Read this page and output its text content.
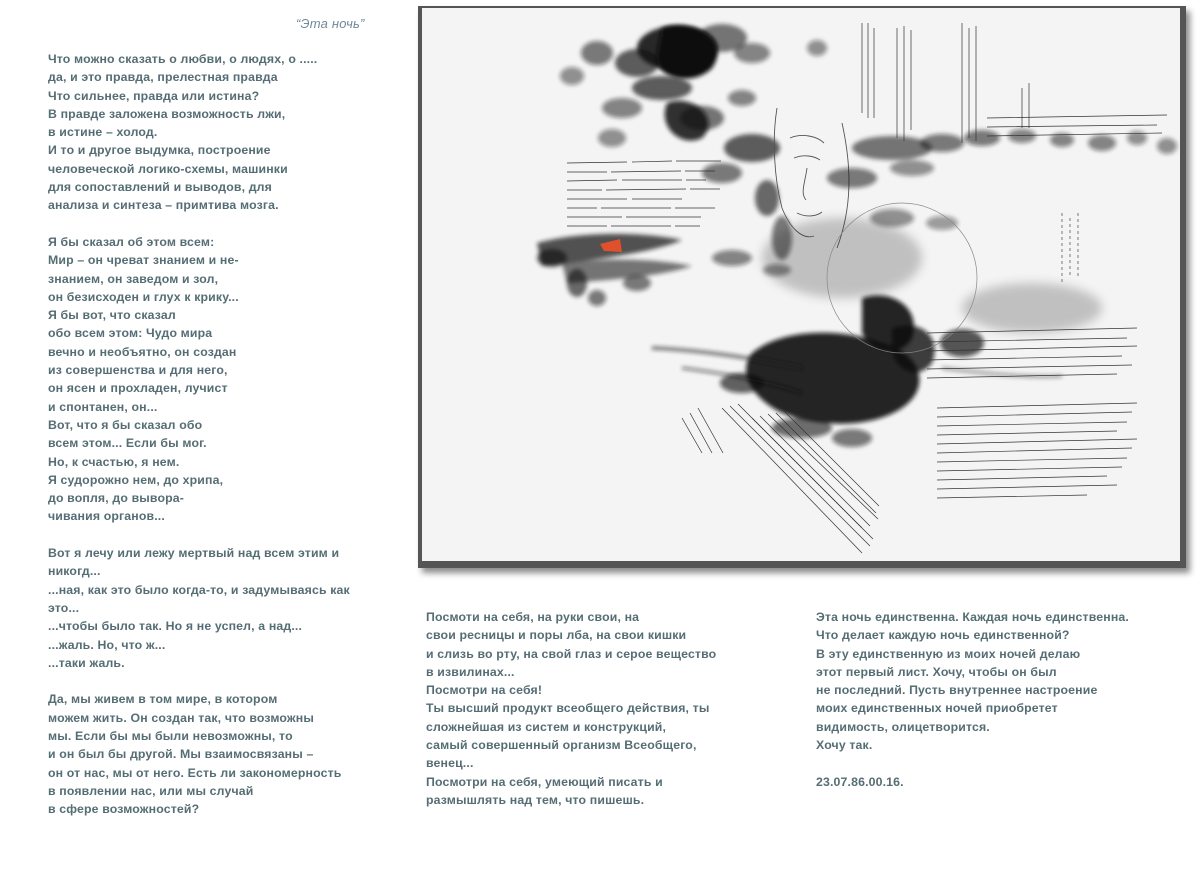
“Эта ночь”
Что можно сказать о любви, о людях, о .....
да, и это правда, прелестная правда
Что сильнее, правда или истина?
В правде заложена возможность лжи,
в истине – холод.
И то и другое выдумка, построение
человеческой логико-схемы, машинки
для сопоставлений и выводов, для
анализа и синтеза – примтива мозга.
Я бы сказал об этом всем:
Мир – он чреват знанием и не-
знанием, он заведом и зол,
он безисходен и глух к крику...
Я бы вот, что сказал
обо всем этом: Чудо мира
вечно и необъятно, он создан
из совершенства и для него,
он ясен и прохладен, лучист
и спонтанен, он...
Вот, что я бы сказал обо
всем этом... Если бы мог.
Но, к счастью, я нем.
Я судорожно нем, до хрипа,
до вопля, до вывора-
чивания органов...
Вот я лечу или лежу мертвый над всем этим и
никогд...
...ная, как это было когда-то, и задумываясь как
это...
...чтобы было так. Но я не успел, а над...
...жаль. Но, что ж...
...таки жаль.
Да, мы живем в том мире, в котором
можем жить. Он создан так, что возможны
мы. Если бы мы были невозможны, то
и он был бы другой. Мы взаимосвязаны –
он от нас, мы от него. Есть ли закономерность
в появлении нас, или мы случай
в сфере возможностей?
Посмоти на себя, на руки свои, на
свои ресницы и поры лба, на свои кишки
и слизь во рту, на свой глаз и серое вещество
в извилинах...
Посмотри на себя!
Ты высший продукт всеобщего действия, ты
сложнейшая из систем и конструкций,
самый совершенный организм Всеобщего,
венец...
Посмотри на себя, умеющий писать и
размышлять над тем, что пишешь.
Эта ночь единственна. Каждая ночь единственна.
Что делает каждую ночь единственной?
В эту единственную из моих ночей делаю
этот первый лист. Хочу, чтобы он был
не последний. Пусть внутреннее настроение
моих единственных ночей приобретет
видимость, олицетворится.
Хочу так.
23.07.86.00.16.
